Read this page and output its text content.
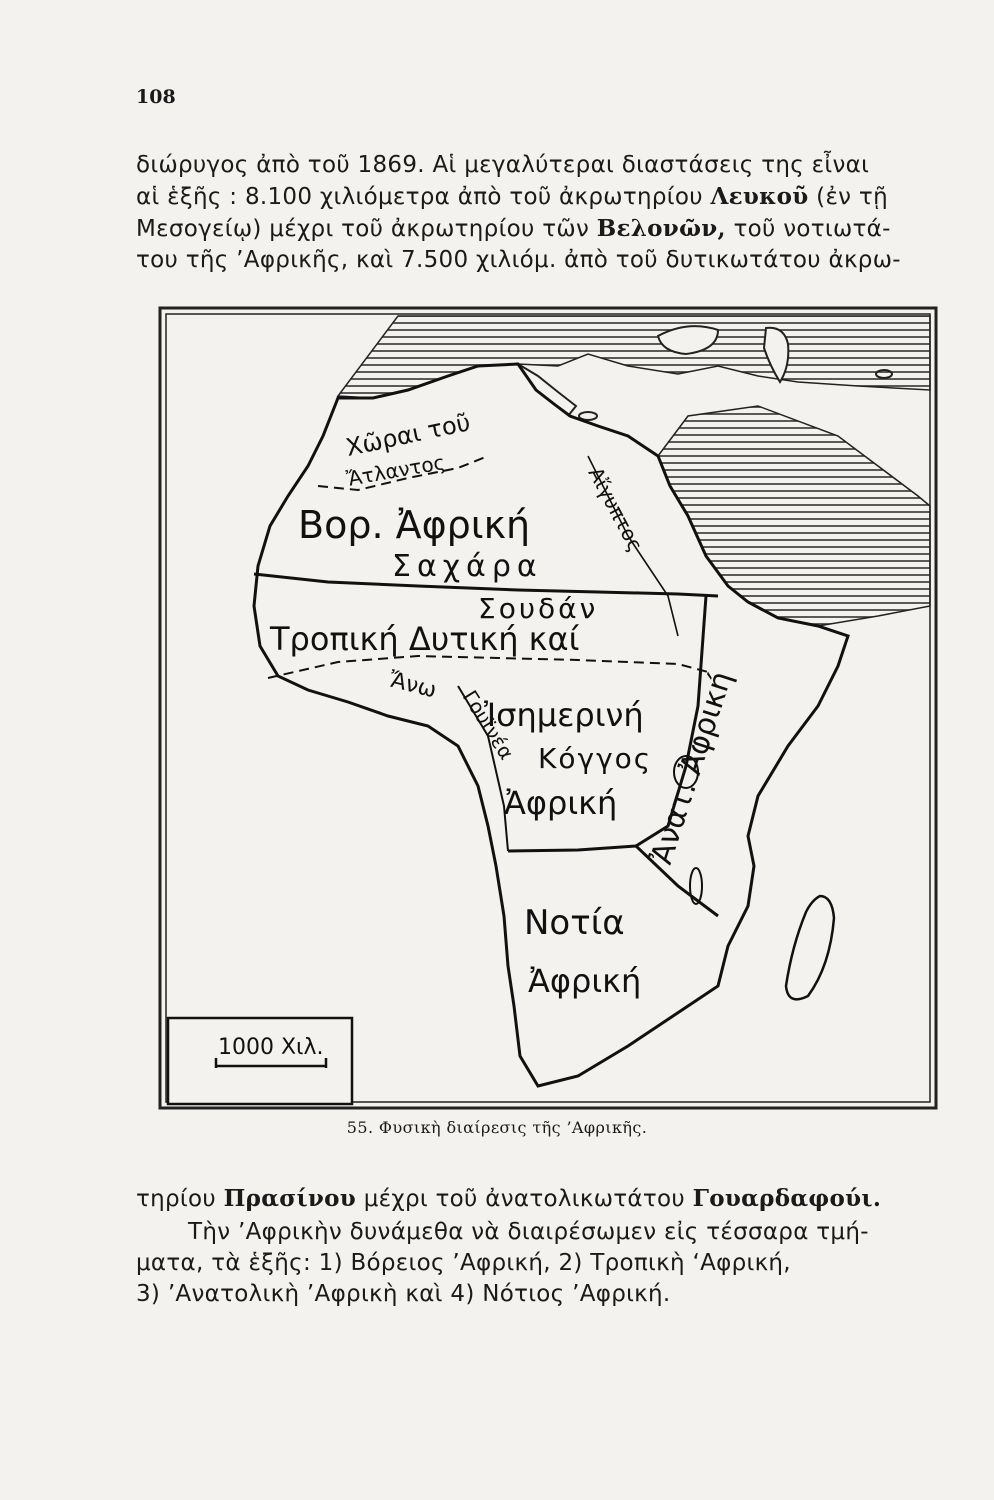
108
διώρυγος ἀπὸ τοῦ 1869. Αἱ μεγαλύτεραι διαστάσεις της εἶναι
αἱ ἑξῆς : 8.100 χιλιόμετρα ἀπὸ τοῦ ἀκρωτηρίου Λευκοῦ (ἐν τῇ
Μεσογείῳ) μέχρι τοῦ ἀκρωτηρίου τῶν Βελονῶν, τοῦ νοτιωτά-
του τῆς ’Αφρικῆς, καὶ 7.500 χιλιόμ. ἀπὸ τοῦ δυτικωτάτου ἀκρω-
Χῶραι τοῦ
Ἄτλαντος
Βορ. Ἀφρική
Σαχάρα
Αἴγυπτος
Σουδάν
Τροπική Δυτική καί
Ἄνω
Γουϊνέα
Ἰσημερινή
Κόγγος
Ἀφρική Ἀνατ. Ἀφρική
Νοτία
Ἀφρική
1000 Χιλ.
55. Φυσικὴ διαίρεσις τῆς ’Αφρικῆς.
τηρίου Πρασίνου μέχρι τοῦ ἀνατολικωτάτου Γουαρδαφούι.
Τὴν ’Αφρικὴν δυνάμεθα νὰ διαιρέσωμεν εἰς τέσσαρα τμή-
ματα, τὰ ἑξῆς: 1) Βόρειος ’Αφρική, 2) Τροπικὴ ‘Αφρική,
3) ’Ανατολικὴ ’Αφρικὴ καὶ 4) Νότιος ’Αφρική.
